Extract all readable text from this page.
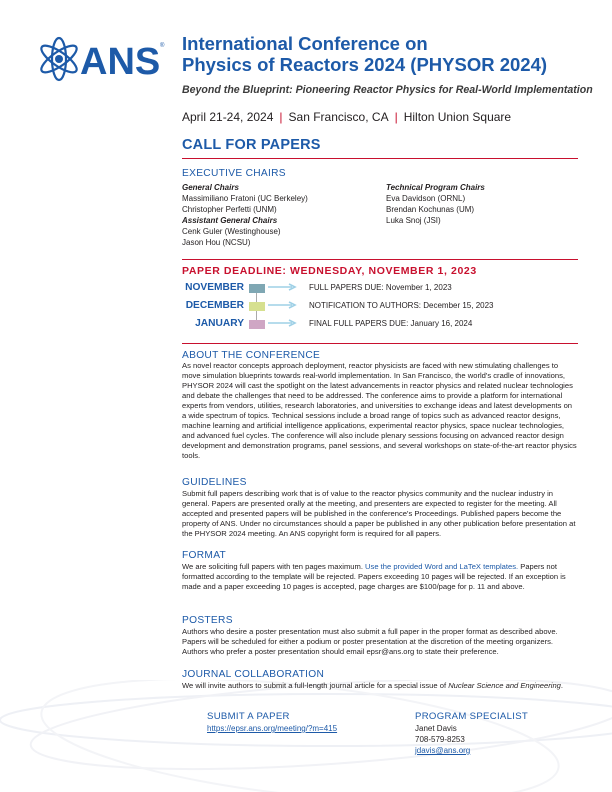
ANS ® International Conference on
Physics of Reactors 2024 (PHYSOR 2024)
Beyond the Blueprint: Pioneering Reactor Physics for Real-World Implementation
April 21-24, 2024 | San Francisco, CA | Hilton Union Square
CALL FOR PAPERS
EXECUTIVE CHAIRS
General Chairs
Massimiliano Fratoni (UC Berkeley)
Christopher Perfetti (UNM)
Assistant General Chairs
Cenk Guler (Westinghouse)
Jason Hou (NCSU)
Technical Program Chairs
Eva Davidson (ORNL)
Brendan Kochunas (UM)
Luka Snoj (JSI)
PAPER DEADLINE: WEDNESDAY, NOVEMBER 1, 2023
NOVEMBER	FULL PAPERS DUE: November 1, 2023
DECEMBER	NOTIFICATION TO AUTHORS: December 15, 2023
JANUARY	FINAL FULL PAPERS DUE: January 16, 2024
ABOUT THE CONFERENCE
As novel reactor concepts approach deployment, reactor physicists are faced with new stimulating challenges to move simulation blueprints towards real-world implementation. In San Francisco, the world's cradle of innovations, PHYSOR 2024 will cast the spotlight on the latest advancements in reactor physics and related nuclear technologies and debate the challenges that need to be addressed. The conference aims to provide a platform for international experts from vendors, utilities, research laboratories, and universities to exchange ideas and latest developments on a wide spectrum of topics. Technical sessions include a broad range of topics such as advanced reactor designs, machine learning and artificial intelligence applications, experimental reactor physics, space nuclear technologies, and advanced fuel cycles. The conference will also include plenary sessions focusing on advanced reactor design development and demonstration programs, panel sessions, and several workshops on state-of-the-art reactor physics tools.
GUIDELINES
Submit full papers describing work that is of value to the reactor physics community and the nuclear industry in general. Papers are presented orally at the meeting, and presenters are expected to register for the meeting. All accepted and presented papers will be published in the conference's Proceedings. Published papers become the property of ANS. Under no circumstances should a paper be published in any other publication before presentation at the PHYSOR 2024 meeting. An ANS copyright form is required for all papers.
FORMAT
We are soliciting full papers with ten pages maximum. Use the provided Word and LaTeX templates. Papers not formatted according to the template will be rejected. Papers exceeding 10 pages will be rejected. If an exception is made and a paper exceeding 10 pages is accepted, page charges are $100/page for p. 11 and above.
POSTERS
Authors who desire a poster presentation must also submit a full paper in the proper format as described above. Papers will be scheduled for either a podium or poster presentation at the discretion of the meeting organizers. Authors who prefer a poster presentation should email epsr@ans.org to state their preference.
JOURNAL COLLABORATION
We will invite authors to submit a full-length journal article for a special issue of Nuclear Science and Engineering.
SUBMIT A PAPER
https://epsr.ans.org/meeting/?m=415
PROGRAM SPECIALIST
Janet Davis
708-579-8253
jdavis@ans.org
